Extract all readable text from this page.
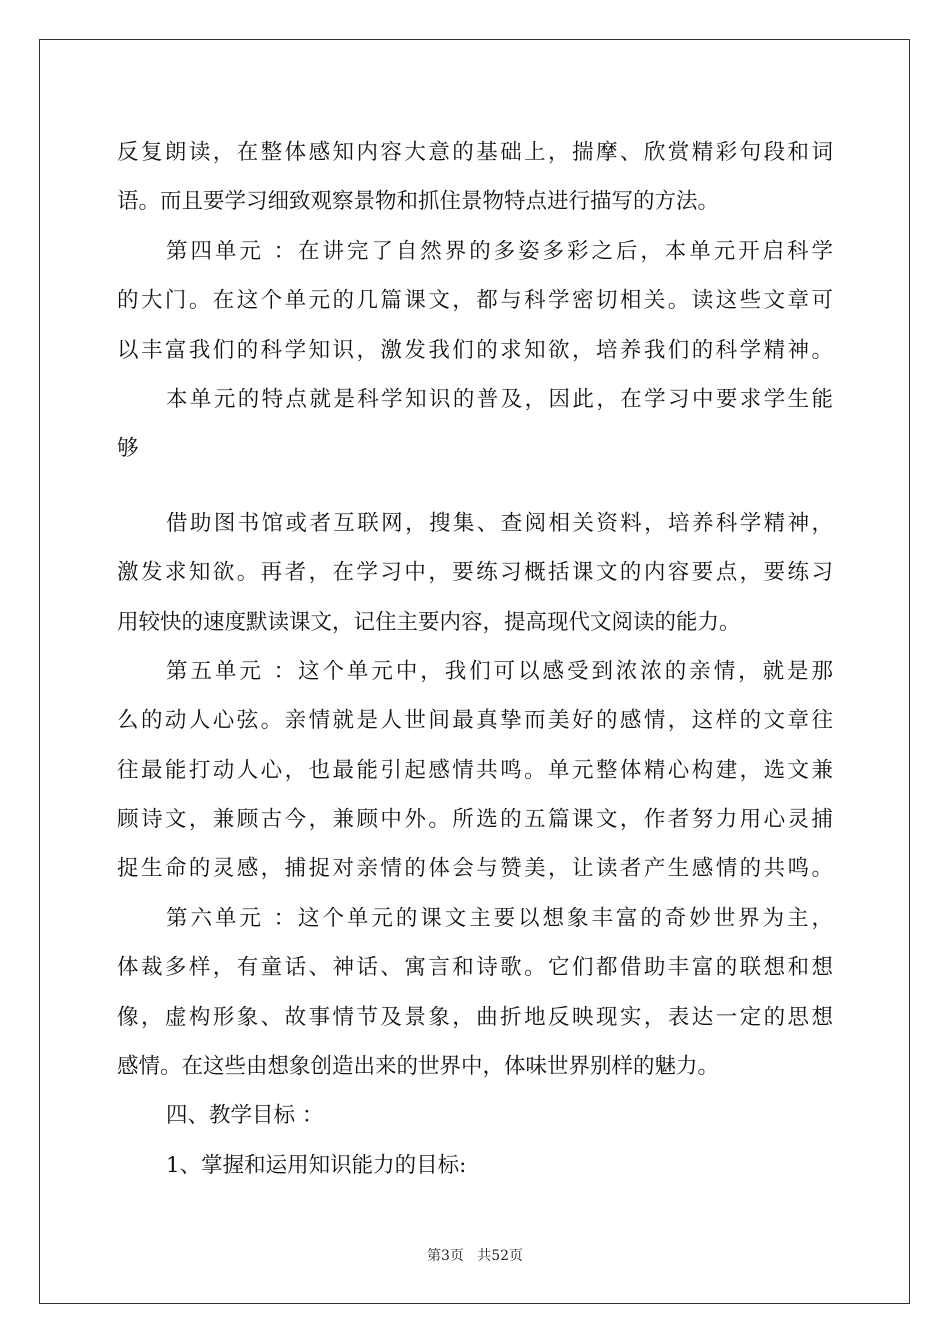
反复朗读，在整体感知内容大意的基础上，揣摩、欣赏精彩句段和词
语。而且要学习细致观察景物和抓住景物特点进行描写的方法。
第四单元 ：在讲完了自然界的多姿多彩之后，本单元开启科学
的大门。在这个单元的几篇课文，都与科学密切相关。读这些文章可
以丰富我们的科学知识，激发我们的求知欲，培养我们的科学精神。
本单元的特点就是科学知识的普及，因此，在学习中要求学生能
够
借助图书馆或者互联网，搜集、查阅相关资料，培养科学精神，
激发求知欲。再者，在学习中，要练习概括课文的内容要点，要练习
用较快的速度默读课文，记住主要内容，提高现代文阅读的能力。
第五单元 ：这个单元中，我们可以感受到浓浓的亲情，就是那
么的动人心弦。亲情就是人世间最真挚而美好的感情，这样的文章往
往最能打动人心，也最能引起感情共鸣。单元整体精心构建，选文兼
顾诗文，兼顾古今，兼顾中外。所选的五篇课文，作者努力用心灵捕
捉生命的灵感，捕捉对亲情的体会与赞美，让读者产生感情的共鸣。
第六单元 ：这个单元的课文主要以想象丰富的奇妙世界为主，
体裁多样，有童话、神话、寓言和诗歌。它们都借助丰富的联想和想
像，虚构形象、故事情节及景象，曲折地反映现实，表达一定的思想
感情。在这些由想象创造出来的世界中，体味世界别样的魅力。
四、教学目标 ：
1、掌握和运用知识能力的目标:
第3页   共52页
